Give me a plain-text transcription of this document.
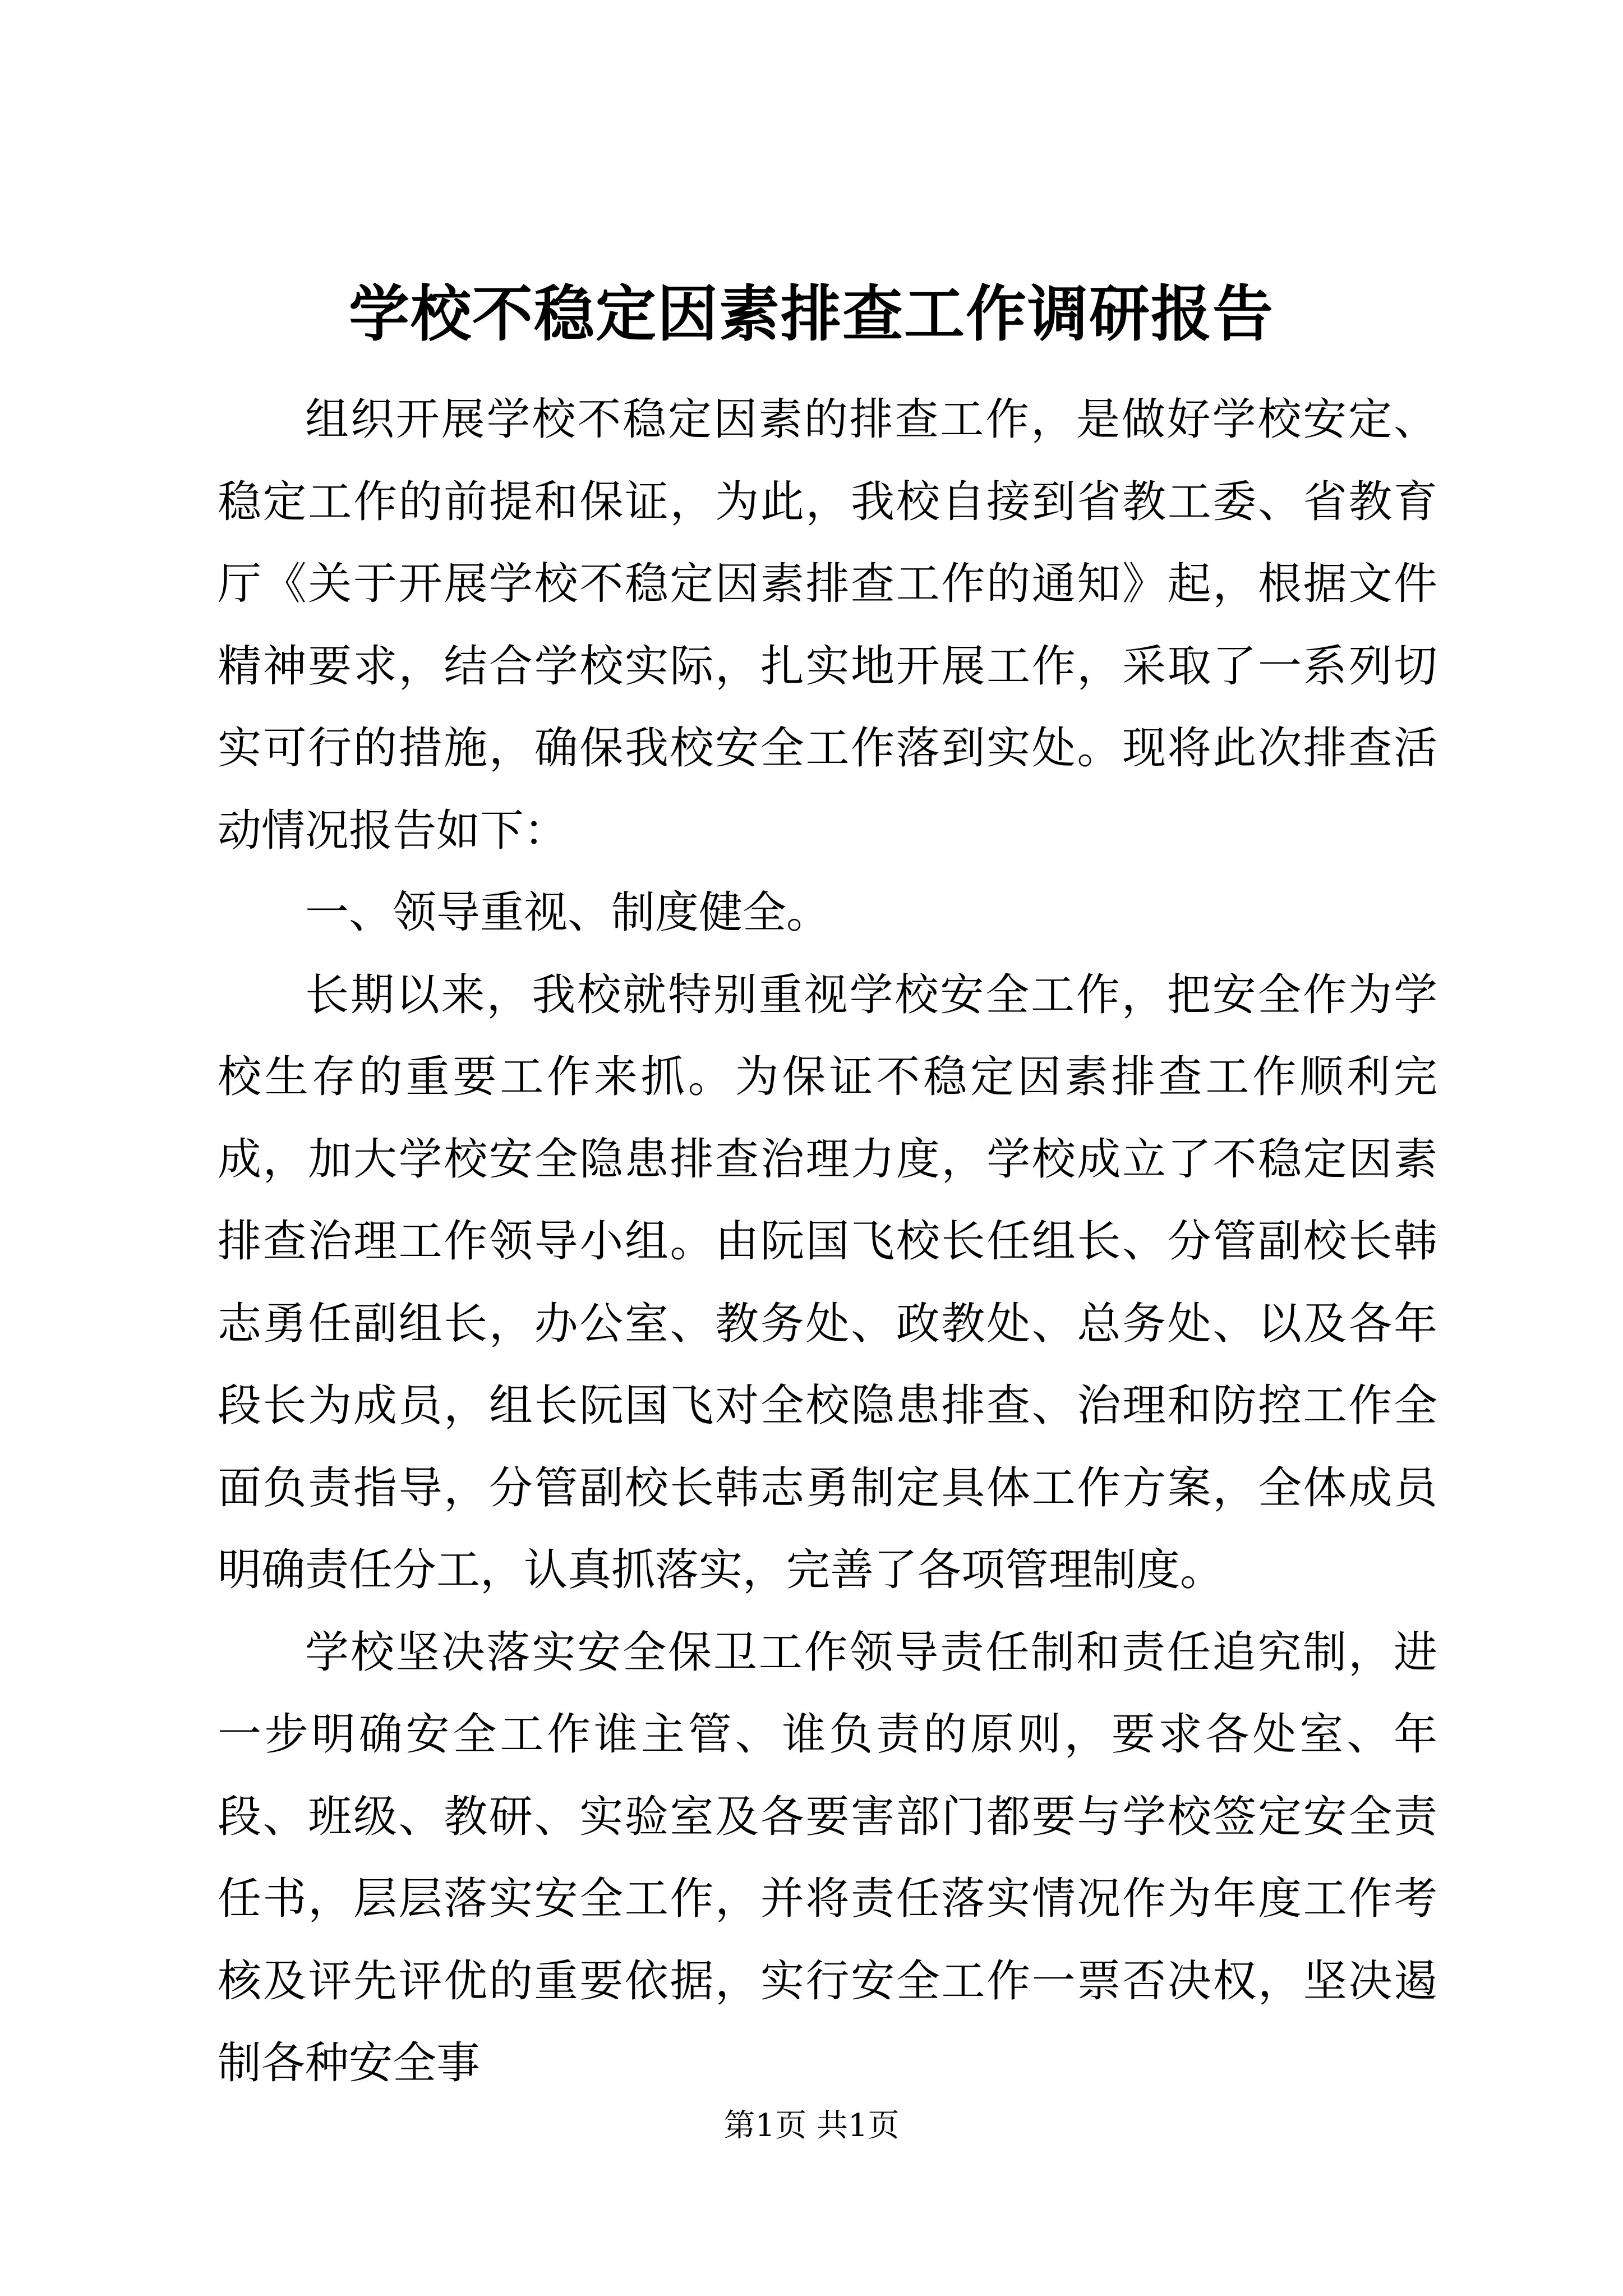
学校不稳定因素排查工作调研报告

组织开展学校不稳定因素的排查工作，是做好学校安定、稳定工作的前提和保证，为此，我校自接到省教工委、省教育厅《关于开展学校不稳定因素排查工作的通知》起，根据文件精神要求，结合学校实际，扎实地开展工作，采取了一系列切实可行的措施，确保我校安全工作落到实处。现将此次排查活动情况报告如下：

一、领导重视、制度健全。

长期以来，我校就特别重视学校安全工作，把安全作为学校生存的重要工作来抓。为保证不稳定因素排查工作顺利完成，加大学校安全隐患排查治理力度，学校成立了不稳定因素排查治理工作领导小组。由阮国飞校长任组长、分管副校长韩志勇任副组长，办公室、教务处、政教处、总务处、以及各年段长为成员，组长阮国飞对全校隐患排查、治理和防控工作全面负责指导，分管副校长韩志勇制定具体工作方案，全体成员明确责任分工，认真抓落实，完善了各项管理制度。

学校坚决落实安全保卫工作领导责任制和责任追究制，进一步明确安全工作谁主管、谁负责的原则，要求各处室、年段、班级、教研、实验室及各要害部门都要与学校签定安全责任书，层层落实安全工作，并将责任落实情况作为年度工作考核及评先评优的重要依据，实行安全工作一票否决权，坚决遏制各种安全事

第1页 共1页
